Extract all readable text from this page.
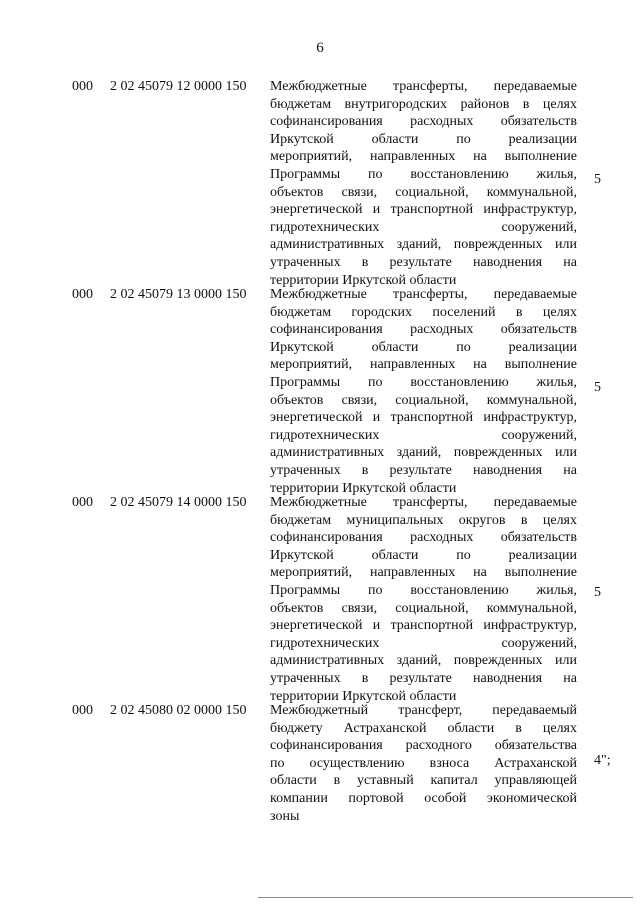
6
000 2 02 45079 12 0000 150 Межбюджетные трансферты, передаваемые
бюджетам внутригородских районов в целях
софинансирования расходных обязательств
Иркутской области по реализации
мероприятий, направленных на выполнение
Программы по восстановлению жилья,
объектов связи, социальной, коммунальной,
энергетической и транспортной инфраструктур,
гидротехнических сооружений,
административных зданий, поврежденных или
утраченных в результате наводнения на
территории Иркутской области
5
000 2 02 45079 13 0000 150 Межбюджетные трансферты, передаваемые
бюджетам городских поселений в целях
софинансирования расходных обязательств
Иркутской области по реализации
мероприятий, направленных на выполнение
Программы по восстановлению жилья,
объектов связи, социальной, коммунальной,
энергетической и транспортной инфраструктур,
гидротехнических сооружений,
административных зданий, поврежденных или
утраченных в результате наводнения на
территории Иркутской области
5
000 2 02 45079 14 0000 150 Межбюджетные трансферты, передаваемые
бюджетам муниципальных округов в целях
софинансирования расходных обязательств
Иркутской области по реализации
мероприятий, направленных на выполнение
Программы по восстановлению жилья,
объектов связи, социальной, коммунальной,
энергетической и транспортной инфраструктур,
гидротехнических сооружений,
административных зданий, поврежденных или
утраченных в результате наводнения на
территории Иркутской области
5
000 2 02 45080 02 0000 150 Межбюджетный трансферт, передаваемый
бюджету Астраханской области в целях
софинансирования расходного обязательства
по осуществлению взноса Астраханской
области в уставный капитал управляющей
компании портовой особой экономической
зоны
4";
